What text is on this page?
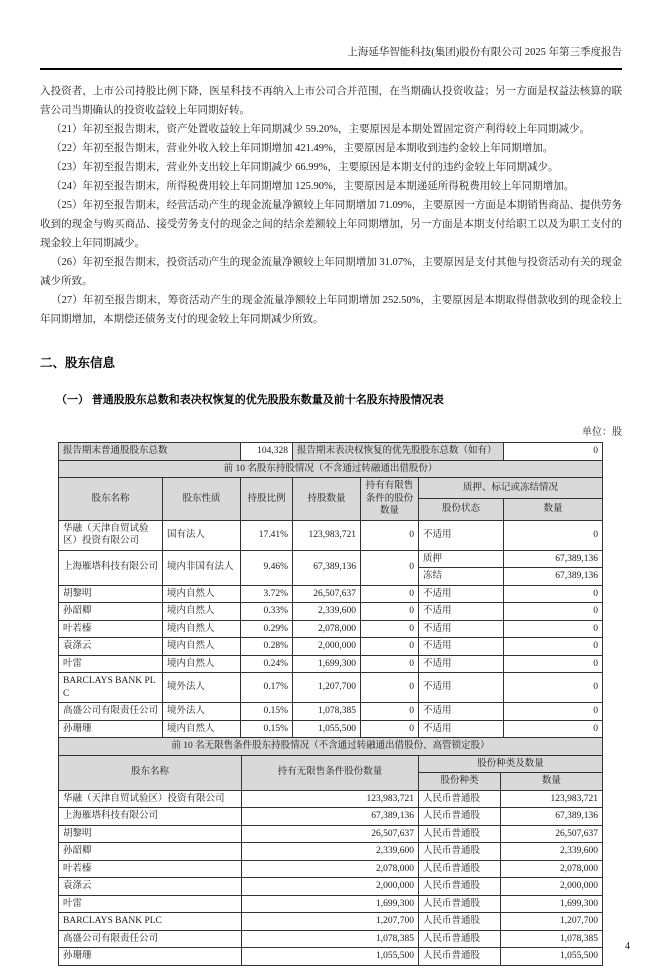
上海延华智能科技(集团)股份有限公司 2025 年第三季度报告

入投资者，上市公司持股比例下降，医星科技不再纳入上市公司合并范围，在当期确认投资收益；另一方面是权益法核算的联营公司当期确认的投资收益较上年同期好转。

（21）年初至报告期末，资产处置收益较上年同期减少 59.20%，主要原因是本期处置固定资产利得较上年同期减少。

（22）年初至报告期末，营业外收入较上年同期增加 421.49%，主要原因是本期收到违约金较上年同期增加。

（23）年初至报告期末，营业外支出较上年同期减少 66.99%，主要原因是本期支付的违约金较上年同期减少。

（24）年初至报告期末，所得税费用较上年同期增加 125.90%，主要原因是本期递延所得税费用较上年同期增加。

（25）年初至报告期末，经营活动产生的现金流量净额较上年同期增加 71.09%，主要原因一方面是本期销售商品、提供劳务收到的现金与购买商品、接受劳务支付的现金之间的结余差额较上年同期增加，另一方面是本期支付给职工以及为职工支付的现金较上年同期减少。

（26）年初至报告期末，投资活动产生的现金流量净额较上年同期增加 31.07%，主要原因是支付其他与投资活动有关的现金减少所致。

（27）年初至报告期末，筹资活动产生的现金流量净额较上年同期增加 252.50%，主要原因是本期取得借款收到的现金较上年同期增加，本期偿还债务支付的现金较上年同期减少所致。

二、股东信息
（一） 普通股股东总数和表决权恢复的优先股股东数量及前十名股东持股情况表
单位：股
报告期末普通股股东总数		104,328	报告期末表决权恢复的优先股股东总数（如有）			0
前 10 名股东持股情况（不含通过转融通出借股份）						
股东名称	股东性质	持股比例	持股数量	持有有限售条件的股份数量	质押、标记或冻结情况	
					股份状态	数量
华融（天津自贸试验区）投资有限公司	国有法人	17.41%	123,983,721	0	不适用	0
上海雁塔科技有限公司	境内非国有法人	9.46%	67,389,136	0	质押	67,389,136
					冻结	67,389,136
胡黎明	境内自然人	3.72%	26,507,637	0	不适用	0
孙韶卿	境内自然人	0.33%	2,339,600	0	不适用	0
叶若榛	境内自然人	0.29%	2,078,000	0	不适用	0
袁涤云	境内自然人	0.28%	2,000,000	0	不适用	0
叶雷	境内自然人	0.24%	1,699,300	0	不适用	0
BARCLAYS BANK PLC	境外法人	0.17%	1,207,700	0	不适用	0
高盛公司有限责任公司	境外法人	0.15%	1,078,385	0	不适用	0
孙珊珊	境内自然人	0.15%	1,055,500	0	不适用	0
前 10 名无限售条件股东持股情况（不含通过转融通出借股份、高管锁定股）			
股东名称	持有无限售条件股份数量	股份种类及数量	
		股份种类	数量
华融（天津自贸试验区）投资有限公司	123,983,721	人民币普通股	123,983,721
上海雁塔科技有限公司	67,389,136	人民币普通股	67,389,136
胡黎明	26,507,637	人民币普通股	26,507,637
孙韶卿	2,339,600	人民币普通股	2,339,600
叶若榛	2,078,000	人民币普通股	2,078,000
袁涤云	2,000,000	人民币普通股	2,000,000
叶雷	1,699,300	人民币普通股	1,699,300
BARCLAYS BANK PLC	1,207,700	人民币普通股	1,207,700
高盛公司有限责任公司	1,078,385	人民币普通股	1,078,385
孙珊珊	1,055,500	人民币普通股	1,055,500
4
